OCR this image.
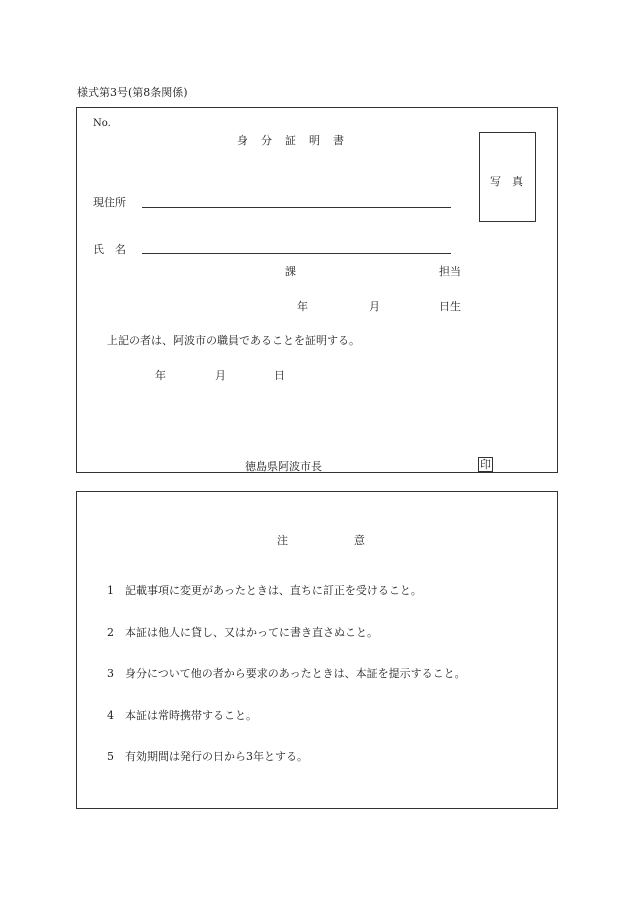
様式第3号(第8条関係)
No.
身　分　証　明　書
写　真
現住所
氏　名
課	担当
年	月	日生
上記の者は、阿波市の職員であることを証明する。
年	月	日
徳島県阿波市長	印
注　　　　　　意
1 記載事項に変更があったときは、直ちに訂正を受けること。
2 本証は他人に貸し、又はかってに書き直さぬこと。
3 身分について他の者から要求のあったときは、本証を提示すること。
4 本証は常時携帯すること。
5 有効期間は発行の日から3年とする。
